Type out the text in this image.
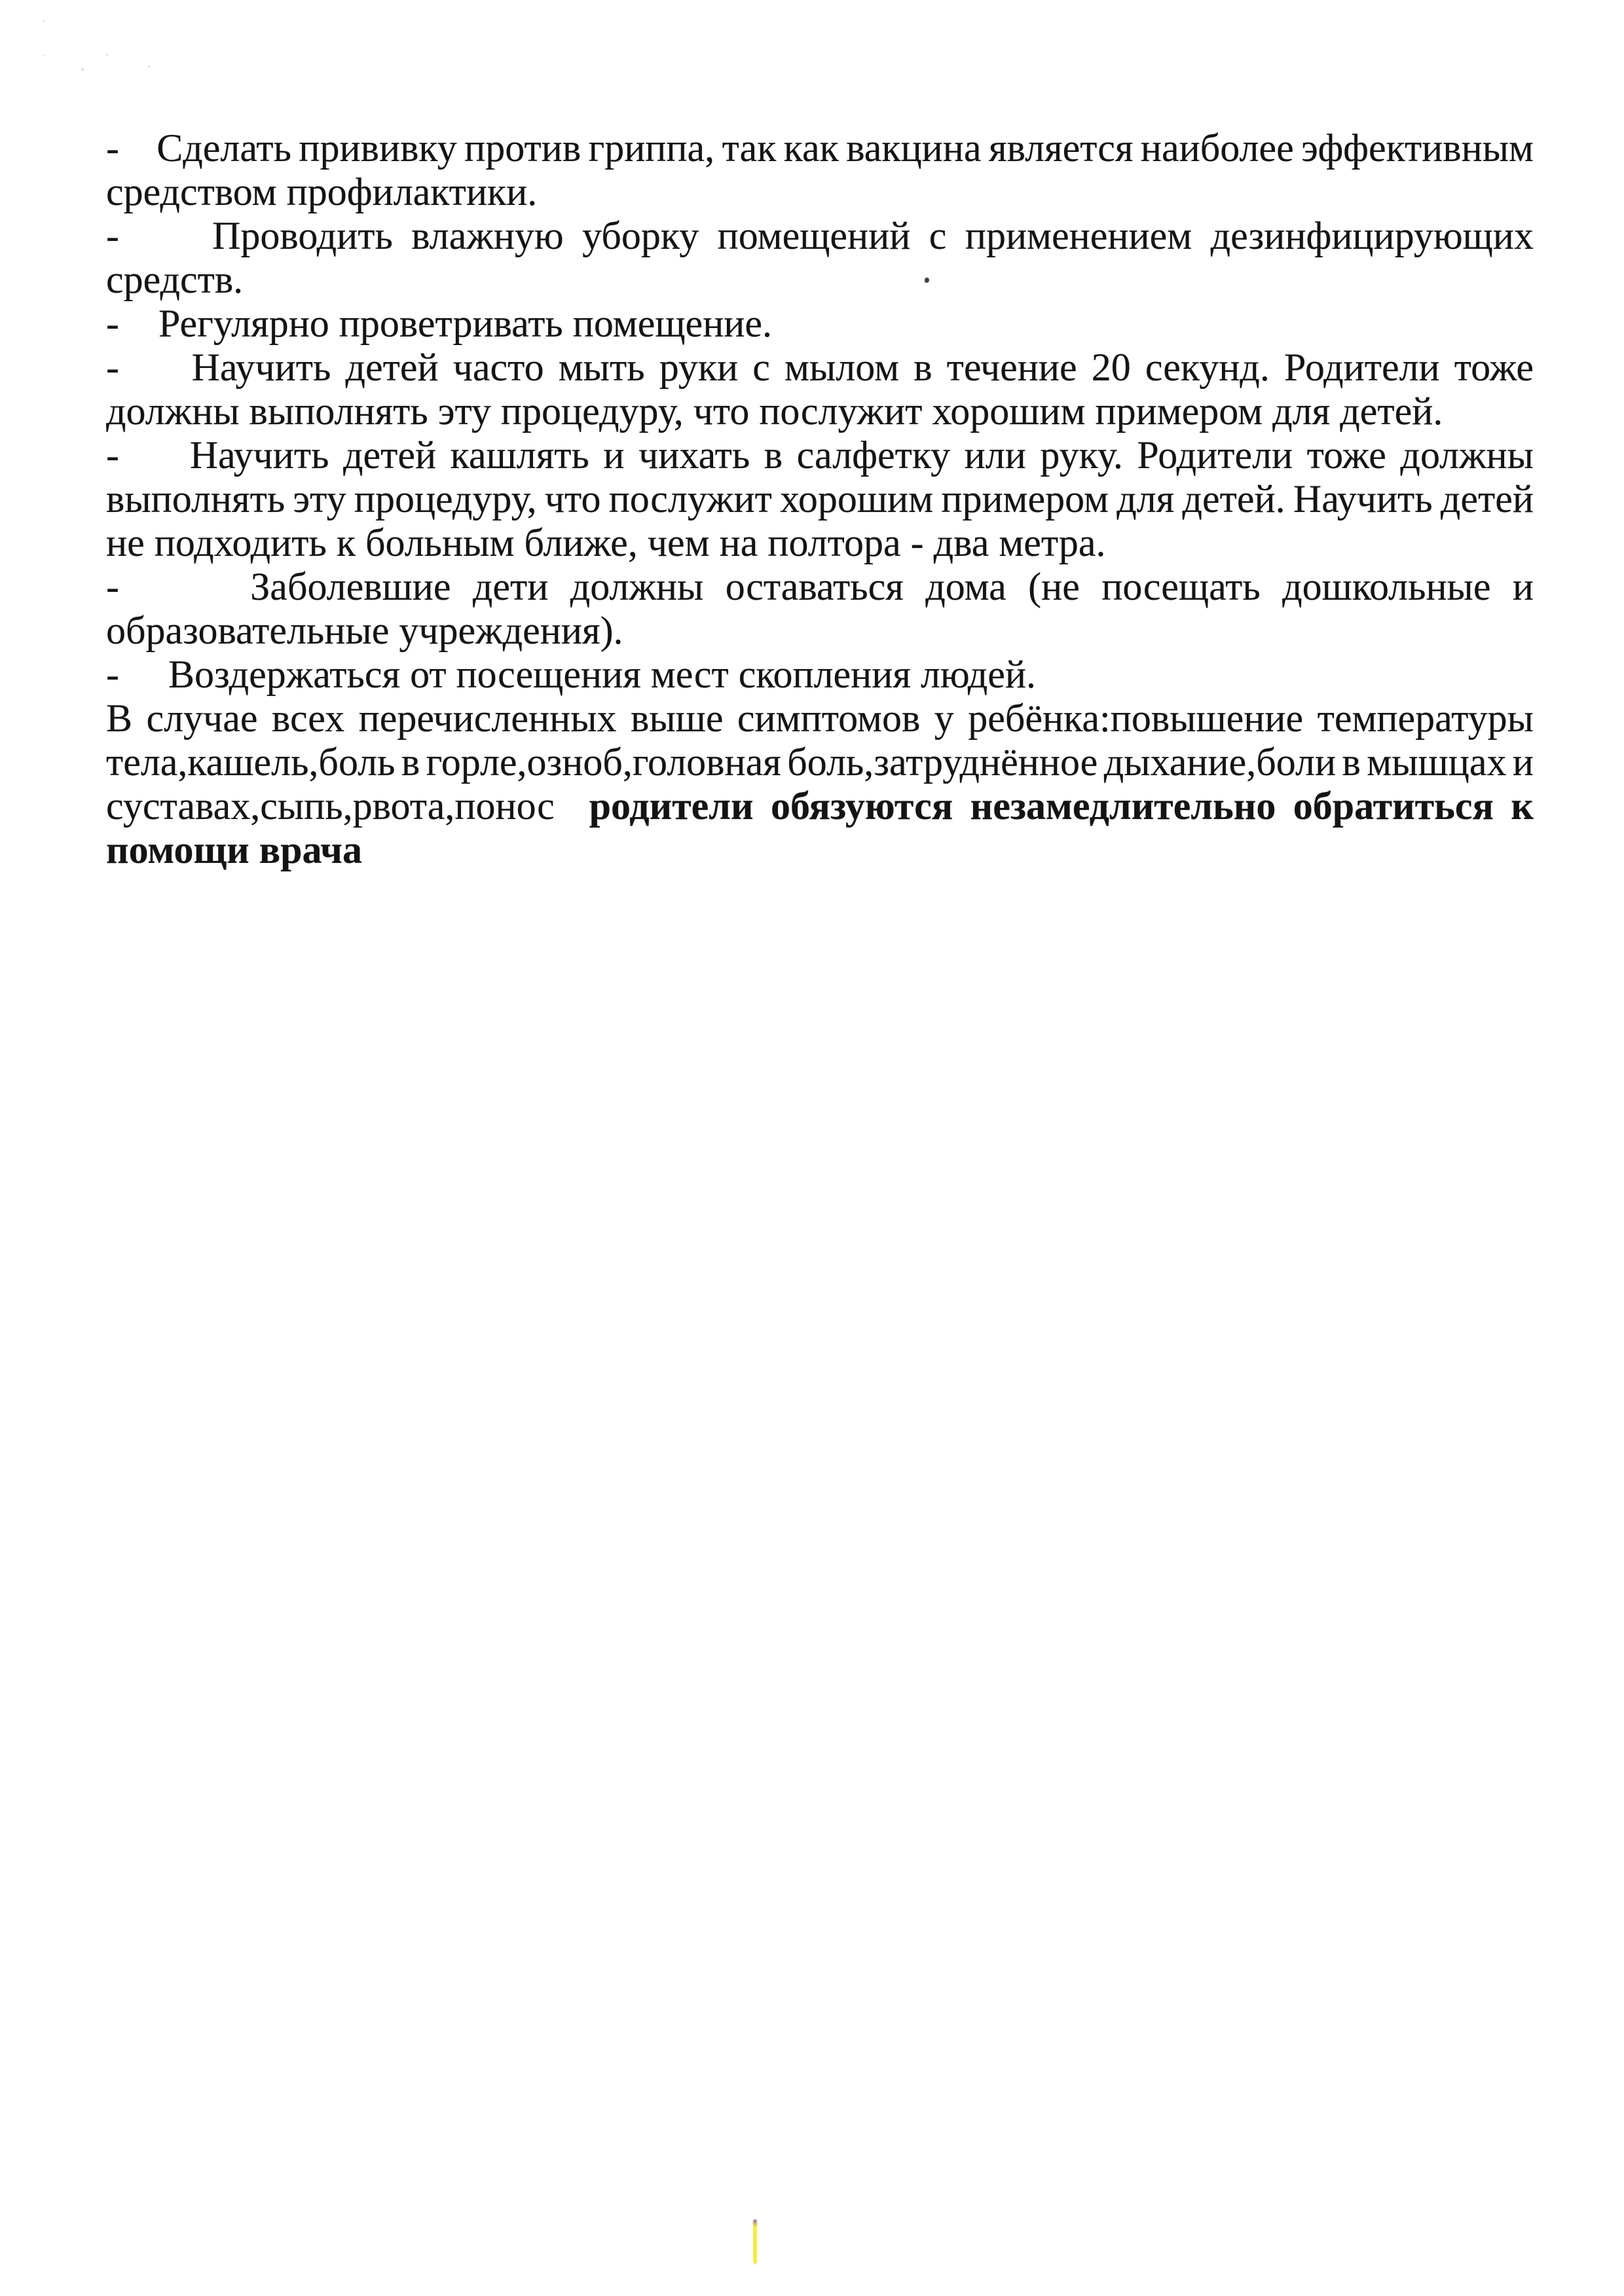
-     Сделать прививку против гриппа, так как вакцина является наиболее эффективным
средством профилактики.
-     Проводить влажную уборку помещений с применением дезинфицирующих
средств.
-    Регулярно проветривать помещение.
-     Научить детей часто мыть руки с мылом в течение 20 секунд. Родители тоже
должны выполнять эту процедуру, что послужит хорошим примером для детей.
-     Научить детей кашлять и чихать в салфетку или руку. Родители тоже должны
выполнять эту процедуру, что послужит хорошим примером для детей. Научить детей
не подходить к больным ближе, чем на полтора - два метра.
-      Заболевшие дети должны оставаться дома (не посещать дошкольные и
образовательные учреждения).
-     Воздержаться от посещения мест скопления людей.
В случае всех перечисленных выше симптомов у ребёнка:повышение температуры
тела,кашель,боль в горле,озноб,головная боль,затруднённое дыхание,боли в мышцах и
суставах,сыпь,рвота,понос  родители обязуются незамедлительно обратиться к
помощи врача
